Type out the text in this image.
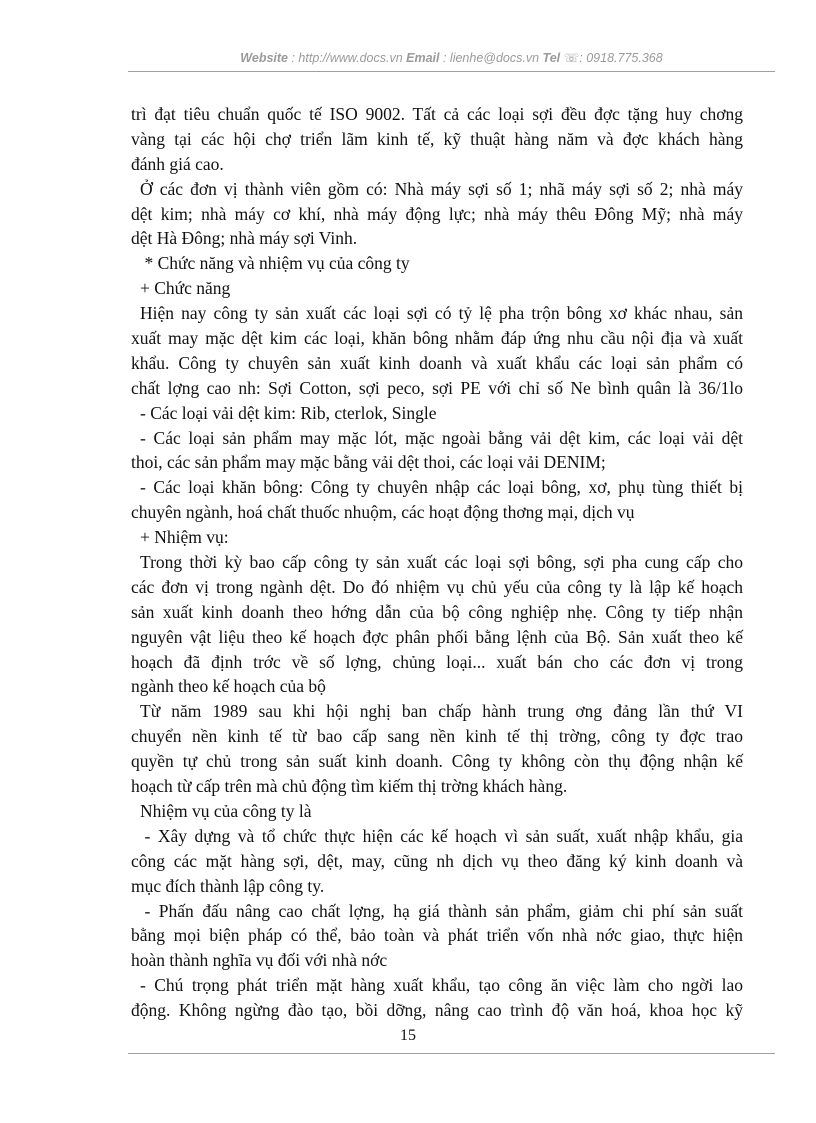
Website : http://www.docs.vn Email : lienhe@docs.vn Tel ☏: 0918.775.368
trì đạt tiêu chuẩn quốc tế ISO 9002. Tất cả các loại sợi đều đợc tặng huy chơng
vàng tại các hội chợ triển lãm kinh tế, kỹ thuật hàng năm và đợc khách hàng
đánh giá cao.
Ở các đơn vị thành viên gồm có: Nhà máy sợi số 1; nhã máy sợi số 2; nhà máy
dệt kim; nhà máy cơ khí, nhà máy động lực; nhà máy thêu Đông Mỹ; nhà máy
dệt Hà Đông; nhà máy sợi Vinh.
* Chức năng và nhiệm vụ của công ty
+ Chức năng
Hiện nay công ty sản xuất các loại sợi có tỷ lệ pha trộn bông xơ khác nhau, sản
xuất may mặc dệt kim các loại, khăn bông nhằm đáp ứng nhu cầu nội địa và xuất
khẩu. Công ty chuyên sản xuất kinh doanh và xuất khẩu các loại sản phẩm có
chất lợng cao nh: Sợi Cotton, sợi peco, sợi PE với chỉ số Ne bình quân là 36/1lo
- Các loại vải dệt kim: Rib, cterlok, Single
- Các loại sản phẩm may mặc lót, mặc ngoài bằng vải dệt kim, các loại vải dệt
thoi, các sản phẩm may mặc bằng vải dệt thoi, các loại vải DENIM;
- Các loại khăn bông: Công ty chuyên nhập các loại bông, xơ, phụ tùng thiết bị
chuyên ngành, hoá chất thuốc nhuộm, các hoạt động thơng mại, dịch vụ
+ Nhiệm vụ:
Trong thời kỳ bao cấp công ty sản xuất các loại sợi bông, sợi pha cung cấp cho
các đơn vị trong ngành dệt. Do đó nhiệm vụ chủ yếu của công ty là lập kế hoạch
sản xuất kinh doanh theo hớng dẫn của bộ công nghiệp nhẹ. Công ty tiếp nhận
nguyên vật liệu theo kế hoạch đợc phân phối bằng lệnh của Bộ. Sản xuất theo kế
hoạch đã định trớc về số lợng, chủng loại... xuất bán cho các đơn vị trong
ngành theo kế hoạch của bộ
Từ năm 1989 sau khi hội nghị ban chấp hành trung ơng đảng lần thứ VI
chuyển nền kinh tế từ bao cấp sang nền kinh tế thị trờng, công ty đợc trao
quyền tự chủ trong sản suất kinh doanh. Công ty không còn thụ động nhận kế
hoạch từ cấp trên mà chủ động tìm kiếm thị trờng khách hàng.
Nhiệm vụ của công ty là
- Xây dựng và tổ chức thực hiện các kế hoạch vì sản suất, xuất nhập khẩu, gia
công các mặt hàng sợi, dệt, may, cũng nh dịch vụ theo đăng ký kinh doanh và
mục đích thành lập công ty.
- Phấn đấu nâng cao chất lợng, hạ giá thành sản phẩm, giảm chi phí sản suất
bằng mọi biện pháp có thể, bảo toàn và phát triển vốn nhà nớc giao, thực hiện
hoàn thành nghĩa vụ đối với nhà nớc
- Chú trọng phát triển mặt hàng xuất khẩu, tạo công ăn việc làm cho ngời lao
động. Không ngừng đào tạo, bồi dỡng, nâng cao trình độ văn hoá, khoa học kỹ
15
